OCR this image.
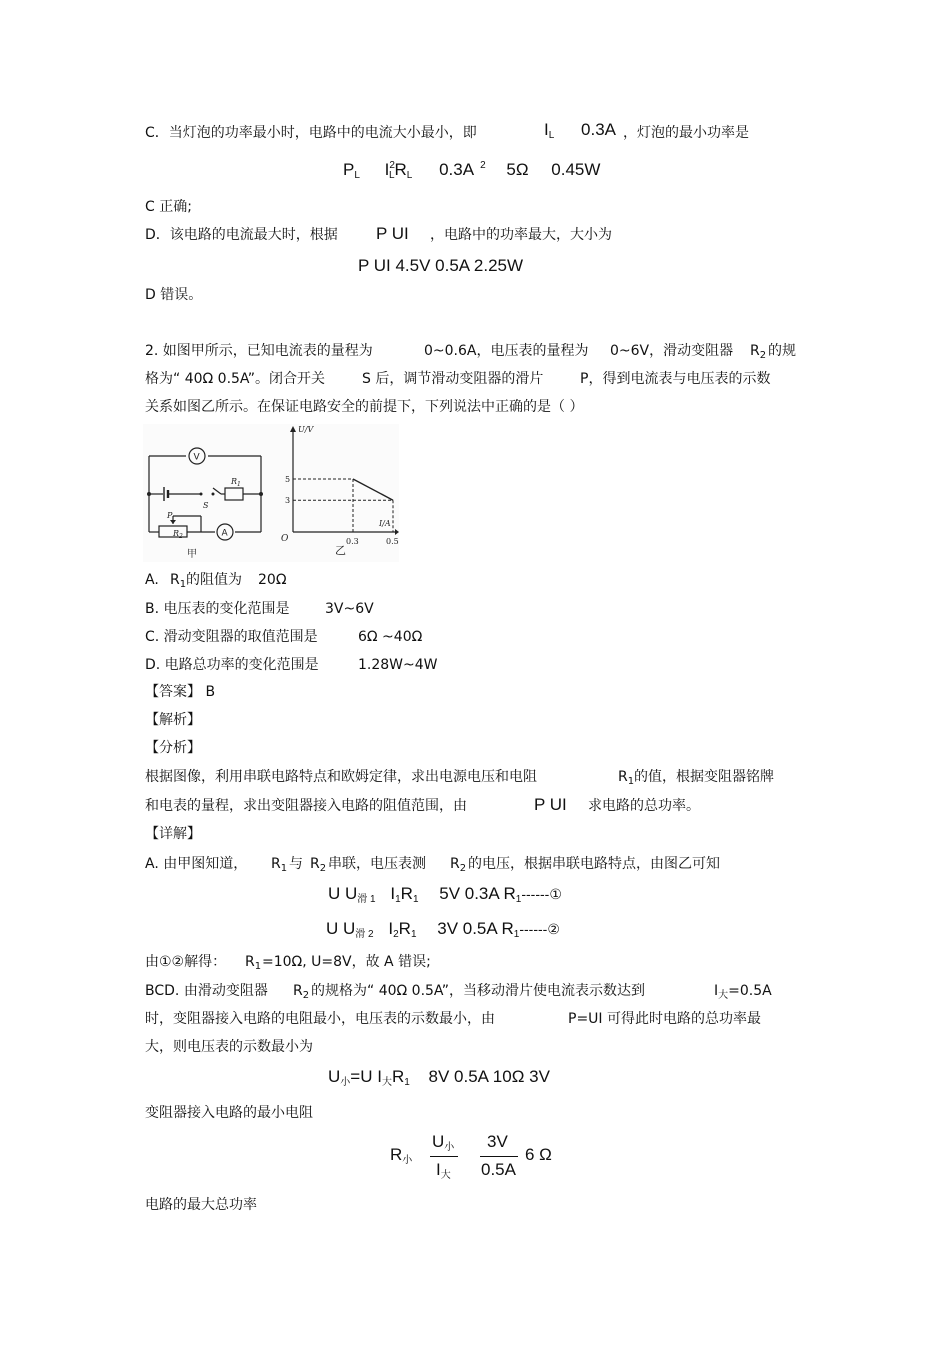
C．当灯泡的功率最小时，电路中的电流大小最小，即	$I_L$ 0.3A ，灯泡的最小功率是
$P_L$ $I^2_LR_L$ 0.3A $^2$ 5Ω 0.45W
C 正确;
D．该电路的电流最大时，根据 P UI ，电路中的功率最大，大小为
P UI 4.5V 0.5A 2.25W
D 错误。
2. 如图甲所示，已知电流表的量程为	0~0.6A，电压表的量程为 0~6V，滑动变阻器 $R_2$ 的规
格为“ 40Ω 0.5A”。闭合开关	S 后，调节滑动变阻器的滑片	P，得到电流表与电压表的示数
关系如图乙所示。在保证电路安全的前提下，下列说法中正确的是（ ）
$R_1$
V
S
P
$R_2$	A
甲
0.3
5
0.5
3
U/V
I/A
O
乙
A. $R_1$ 的阻值为 20Ω
B. 电压表的变化范围是	3V~6V
C. 滑动变阻器的取值范围是	6Ω ~40Ω
D. 电路总功率的变化范围是	1.28W~4W
【答案】 B
【解析】
【分析】
根据图像，利用串联电路特点和欧姆定律，求出电源电压和电阻	$R_1$ 的值，根据变阻器铭牌
和电表的量程，求出变阻器接入电路的阻值范围，由	P UI 求电路的总功率。
【详解】
A. 由甲图知道， $R_1$ 与 $R_2$ 串联，电压表测 $R_2$ 的电压，根据串联电路特点，由图乙可知
U $U_{滑 1}$ $I_1R_1$ 5V 0.3A $R_1------①$
U $U_{滑 2}$ $I_2R_1$ 3V 0.5A $R_1------②$
由①②解得： $R_1 =10\Omega$, U=8V，故 A 错误;
BCD. 由滑动变阻器 $R_2$ 的规格为“ 40Ω 0.5A”，当移动滑片使电流表示数达到	$I_大=0.5A$
时，变阻器接入电路的电阻最小，电压表的示数最小，由	P=UI 可得此时电路的总功率最
大，则电压表的示数最小为
$U_小=U$ $I_大R_1$ 8V 0.5A 10Ω 3V
变阻器接入电路的最小电阻
$R_小$
$U_小$
$I_大$
3V
0.5A
6 Ω
电路的最大总功率
